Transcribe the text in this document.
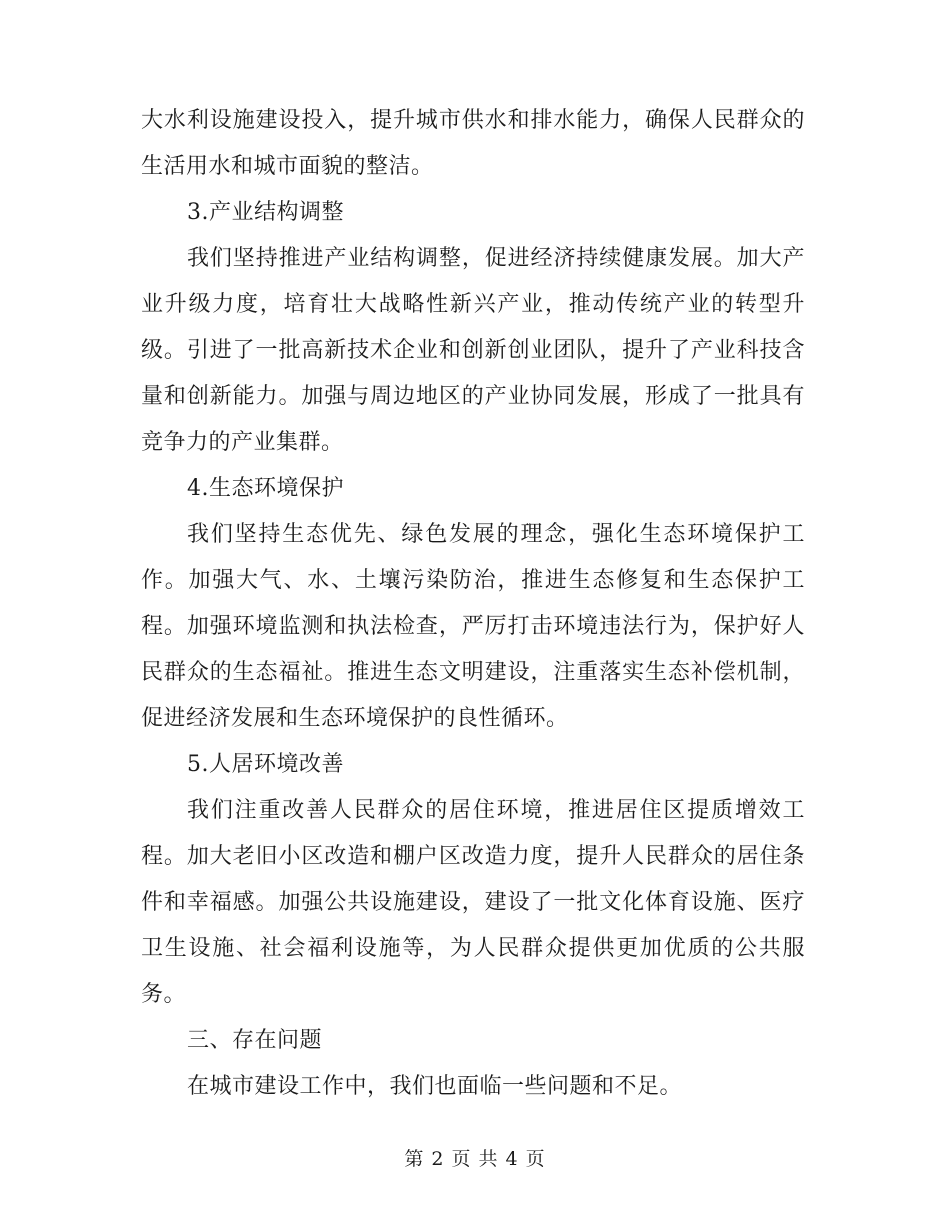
大水利设施建设投入，提升城市供水和排水能力，确保人民群众的生活用水和城市面貌的整洁。

3.产业结构调整

我们坚持推进产业结构调整，促进经济持续健康发展。加大产业升级力度，培育壮大战略性新兴产业，推动传统产业的转型升级。引进了一批高新技术企业和创新创业团队，提升了产业科技含量和创新能力。加强与周边地区的产业协同发展，形成了一批具有竞争力的产业集群。

4.生态环境保护

我们坚持生态优先、绿色发展的理念，强化生态环境保护工作。加强大气、水、土壤污染防治，推进生态修复和生态保护工程。加强环境监测和执法检查，严厉打击环境违法行为，保护好人民群众的生态福祉。推进生态文明建设，注重落实生态补偿机制，促进经济发展和生态环境保护的良性循环。

5.人居环境改善

我们注重改善人民群众的居住环境，推进居住区提质增效工程。加大老旧小区改造和棚户区改造力度，提升人民群众的居住条件和幸福感。加强公共设施建设，建设了一批文化体育设施、医疗卫生设施、社会福利设施等，为人民群众提供更加优质的公共服务。

三、存在问题

在城市建设工作中，我们也面临一些问题和不足。

第 2 页 共 4 页
